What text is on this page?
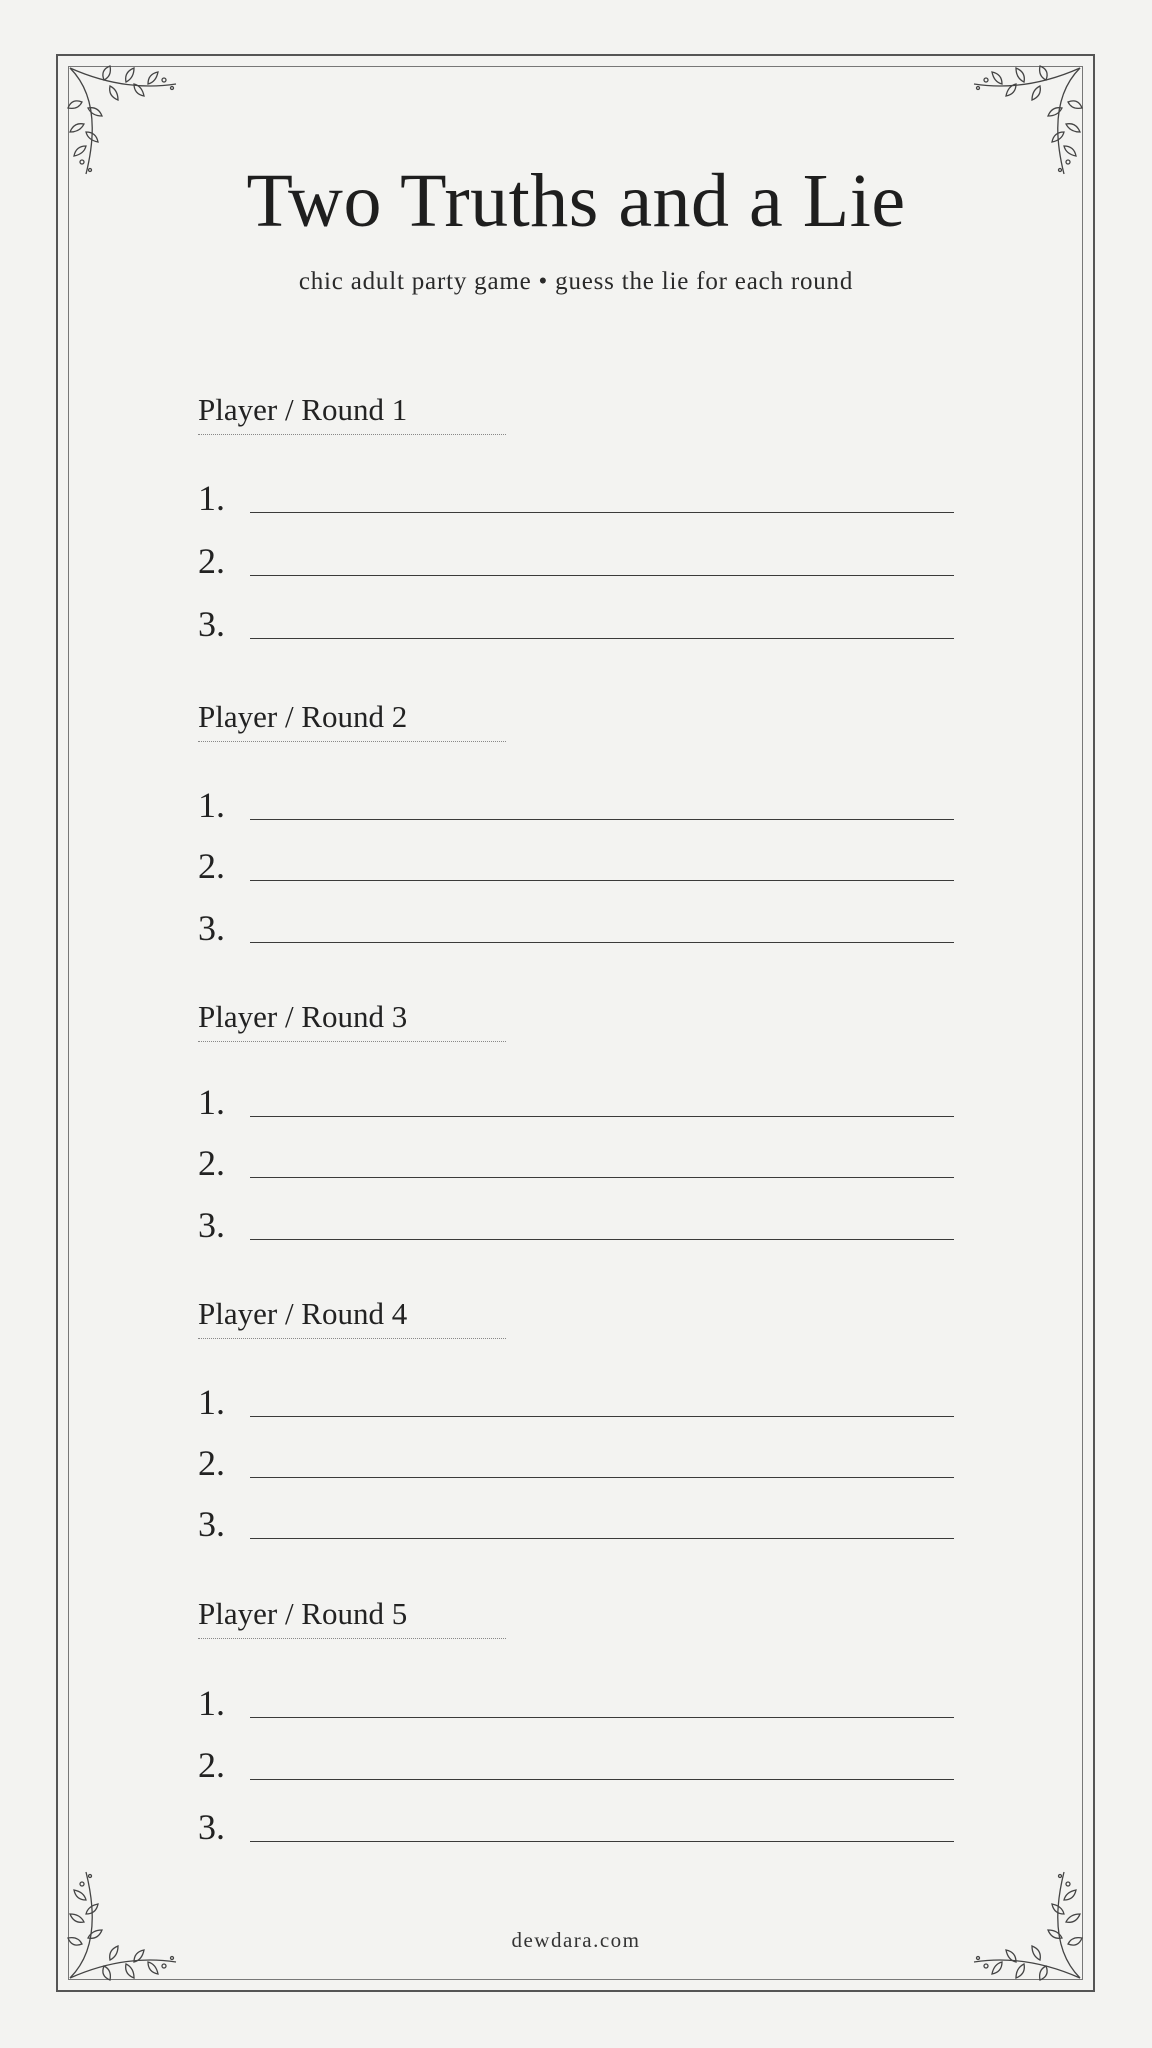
Two Truths and a Lie
chic adult party game • guess the lie for each round
Player / Round 1
1.
2.
3.
Player / Round 2
1.
2.
3.
Player / Round 3
1.
2.
3.
Player / Round 4
1.
2.
3.
Player / Round 5
1.
2.
3.
dewdara.com
